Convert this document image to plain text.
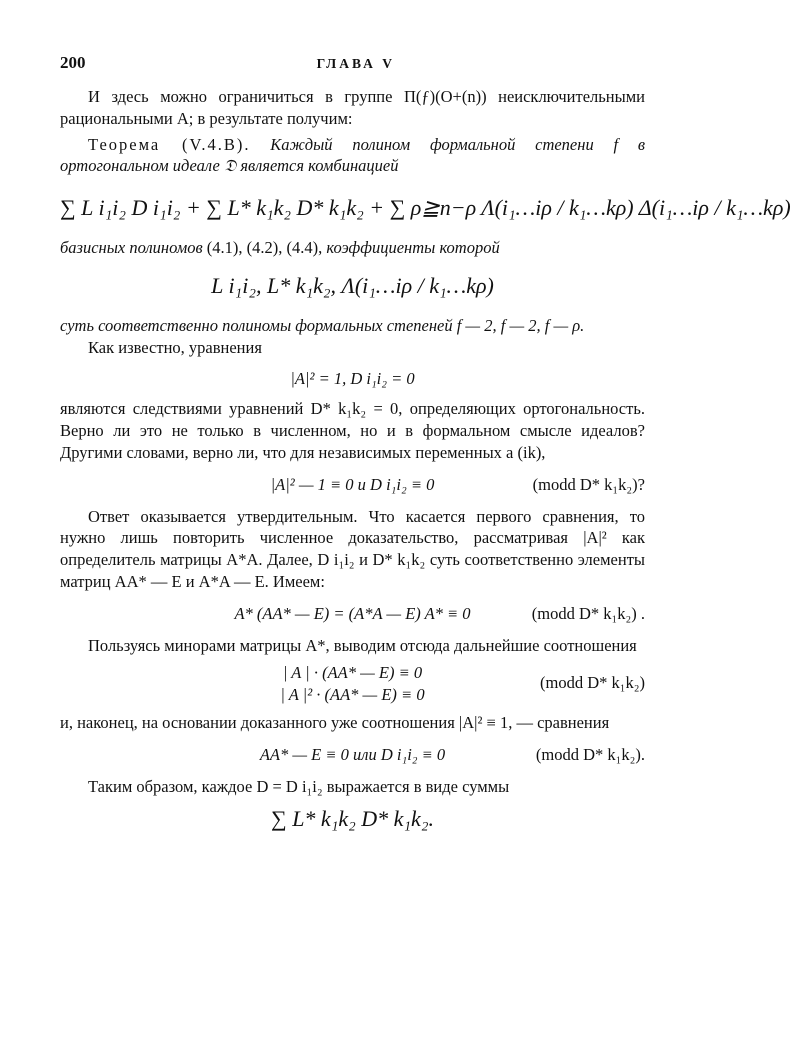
200	ГЛАВА V

И здесь можно ограничиться в группе Π(ƒ)(O+(n)) неисключительными рациональными A; в результате получим:

Теорема (V.4.B). Каждый полином формальной степени f в ортогональном идеале 𝔇 является комбинацией

∑ L i₁i₂ D i₁i₂ + ∑ L* k₁k₂ D* k₁k₂ + ∑ ρ≧n−ρ Λ(i₁…iρ / k₁…kρ) Δ(i₁…iρ / k₁…kρ)

базисных полиномов (4.1), (4.2), (4.4), коэффициенты которой

L i₁i₂, L* k₁k₂, Λ(i₁…iρ / k₁…kρ)

суть соответственно полиномы формальных степеней f — 2, f — 2, f — ρ.

Как известно, уравнения

|A|² = 1, D i₁i₂ = 0

являются следствиями уравнений D* k₁k₂ = 0, определяющих ортогональность. Верно ли это не только в численном, но и в формальном смысле идеалов? Другими словами, верно ли, что для независимых переменных a (ik),

|A|² — 1 ≡ 0 и D i₁i₂ ≡ 0	(modd D* k₁k₂)?

Ответ оказывается утвердительным. Что касается первого сравнения, то нужно лишь повторить численное доказательство, рассматривая |A|² как определитель матрицы A*A. Далее, D i₁i₂ и D* k₁k₂ суть соответственно элементы матриц AA* — E и A*A — E. Имеем:

A* (AA* — E) = (A*A — E) A* ≡ 0	(modd D* k₁k₂) .

Пользуясь минорами матрицы A*, выводим отсюда дальнейшие соотношения

| A | · (AA* — E) ≡ 0
| A |² · (AA* — E) ≡ 0
(modd D* k₁k₂)

и, наконец, на основании доказанного уже соотношения |A|² ≡ 1, — сравнения

AA* — E ≡ 0 или D i₁i₂ ≡ 0	(modd D* k₁k₂).

Таким образом, каждое D = D i₁i₂ выражается в виде суммы

∑ L* k₁k₂ D* k₁k₂.
